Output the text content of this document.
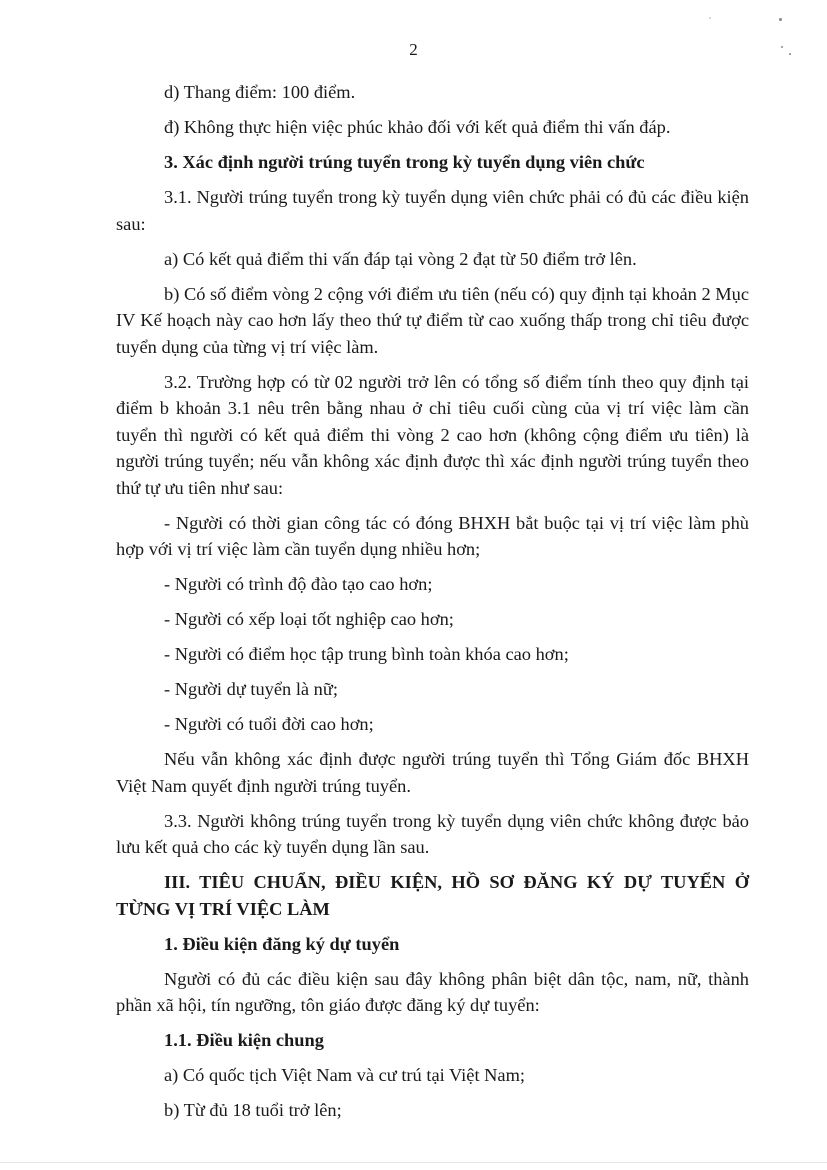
2

d) Thang điểm: 100 điểm.

đ) Không thực hiện việc phúc khảo đối với kết quả điểm thi vấn đáp.

3. Xác định người trúng tuyển trong kỳ tuyển dụng viên chức

3.1. Người trúng tuyển trong kỳ tuyển dụng viên chức phải có đủ các điều kiện sau:

a) Có kết quả điểm thi vấn đáp tại vòng 2 đạt từ 50 điểm trở lên.

b) Có số điểm vòng 2 cộng với điểm ưu tiên (nếu có) quy định tại khoản 2 Mục IV Kế hoạch này cao hơn lấy theo thứ tự điểm từ cao xuống thấp trong chỉ tiêu được tuyển dụng của từng vị trí việc làm.

3.2. Trường hợp có từ 02 người trở lên có tổng số điểm tính theo quy định tại điểm b khoản 3.1 nêu trên bằng nhau ở chỉ tiêu cuối cùng của vị trí việc làm cần tuyển thì người có kết quả điểm thi vòng 2 cao hơn (không cộng điểm ưu tiên) là người trúng tuyển; nếu vẫn không xác định được thì xác định người trúng tuyển theo thứ tự ưu tiên như sau:

- Người có thời gian công tác có đóng BHXH bắt buộc tại vị trí việc làm phù hợp với vị trí việc làm cần tuyển dụng nhiều hơn;

- Người có trình độ đào tạo cao hơn;

- Người có xếp loại tốt nghiệp cao hơn;

- Người có điểm học tập trung bình toàn khóa cao hơn;

- Người dự tuyển là nữ;

- Người có tuổi đời cao hơn;

Nếu vẫn không xác định được người trúng tuyển thì Tổng Giám đốc BHXH Việt Nam quyết định người trúng tuyển.

3.3. Người không trúng tuyển trong kỳ tuyển dụng viên chức không được bảo lưu kết quả cho các kỳ tuyển dụng lần sau.

III. TIÊU CHUẨN, ĐIỀU KIỆN, HỒ SƠ ĐĂNG KÝ DỰ TUYỂN Ở TỪNG VỊ TRÍ VIỆC LÀM

1. Điều kiện đăng ký dự tuyển

Người có đủ các điều kiện sau đây không phân biệt dân tộc, nam, nữ, thành phần xã hội, tín ngưỡng, tôn giáo được đăng ký dự tuyển:

1.1. Điều kiện chung

a) Có quốc tịch Việt Nam và cư trú tại Việt Nam;

b) Từ đủ 18 tuổi trở lên;
